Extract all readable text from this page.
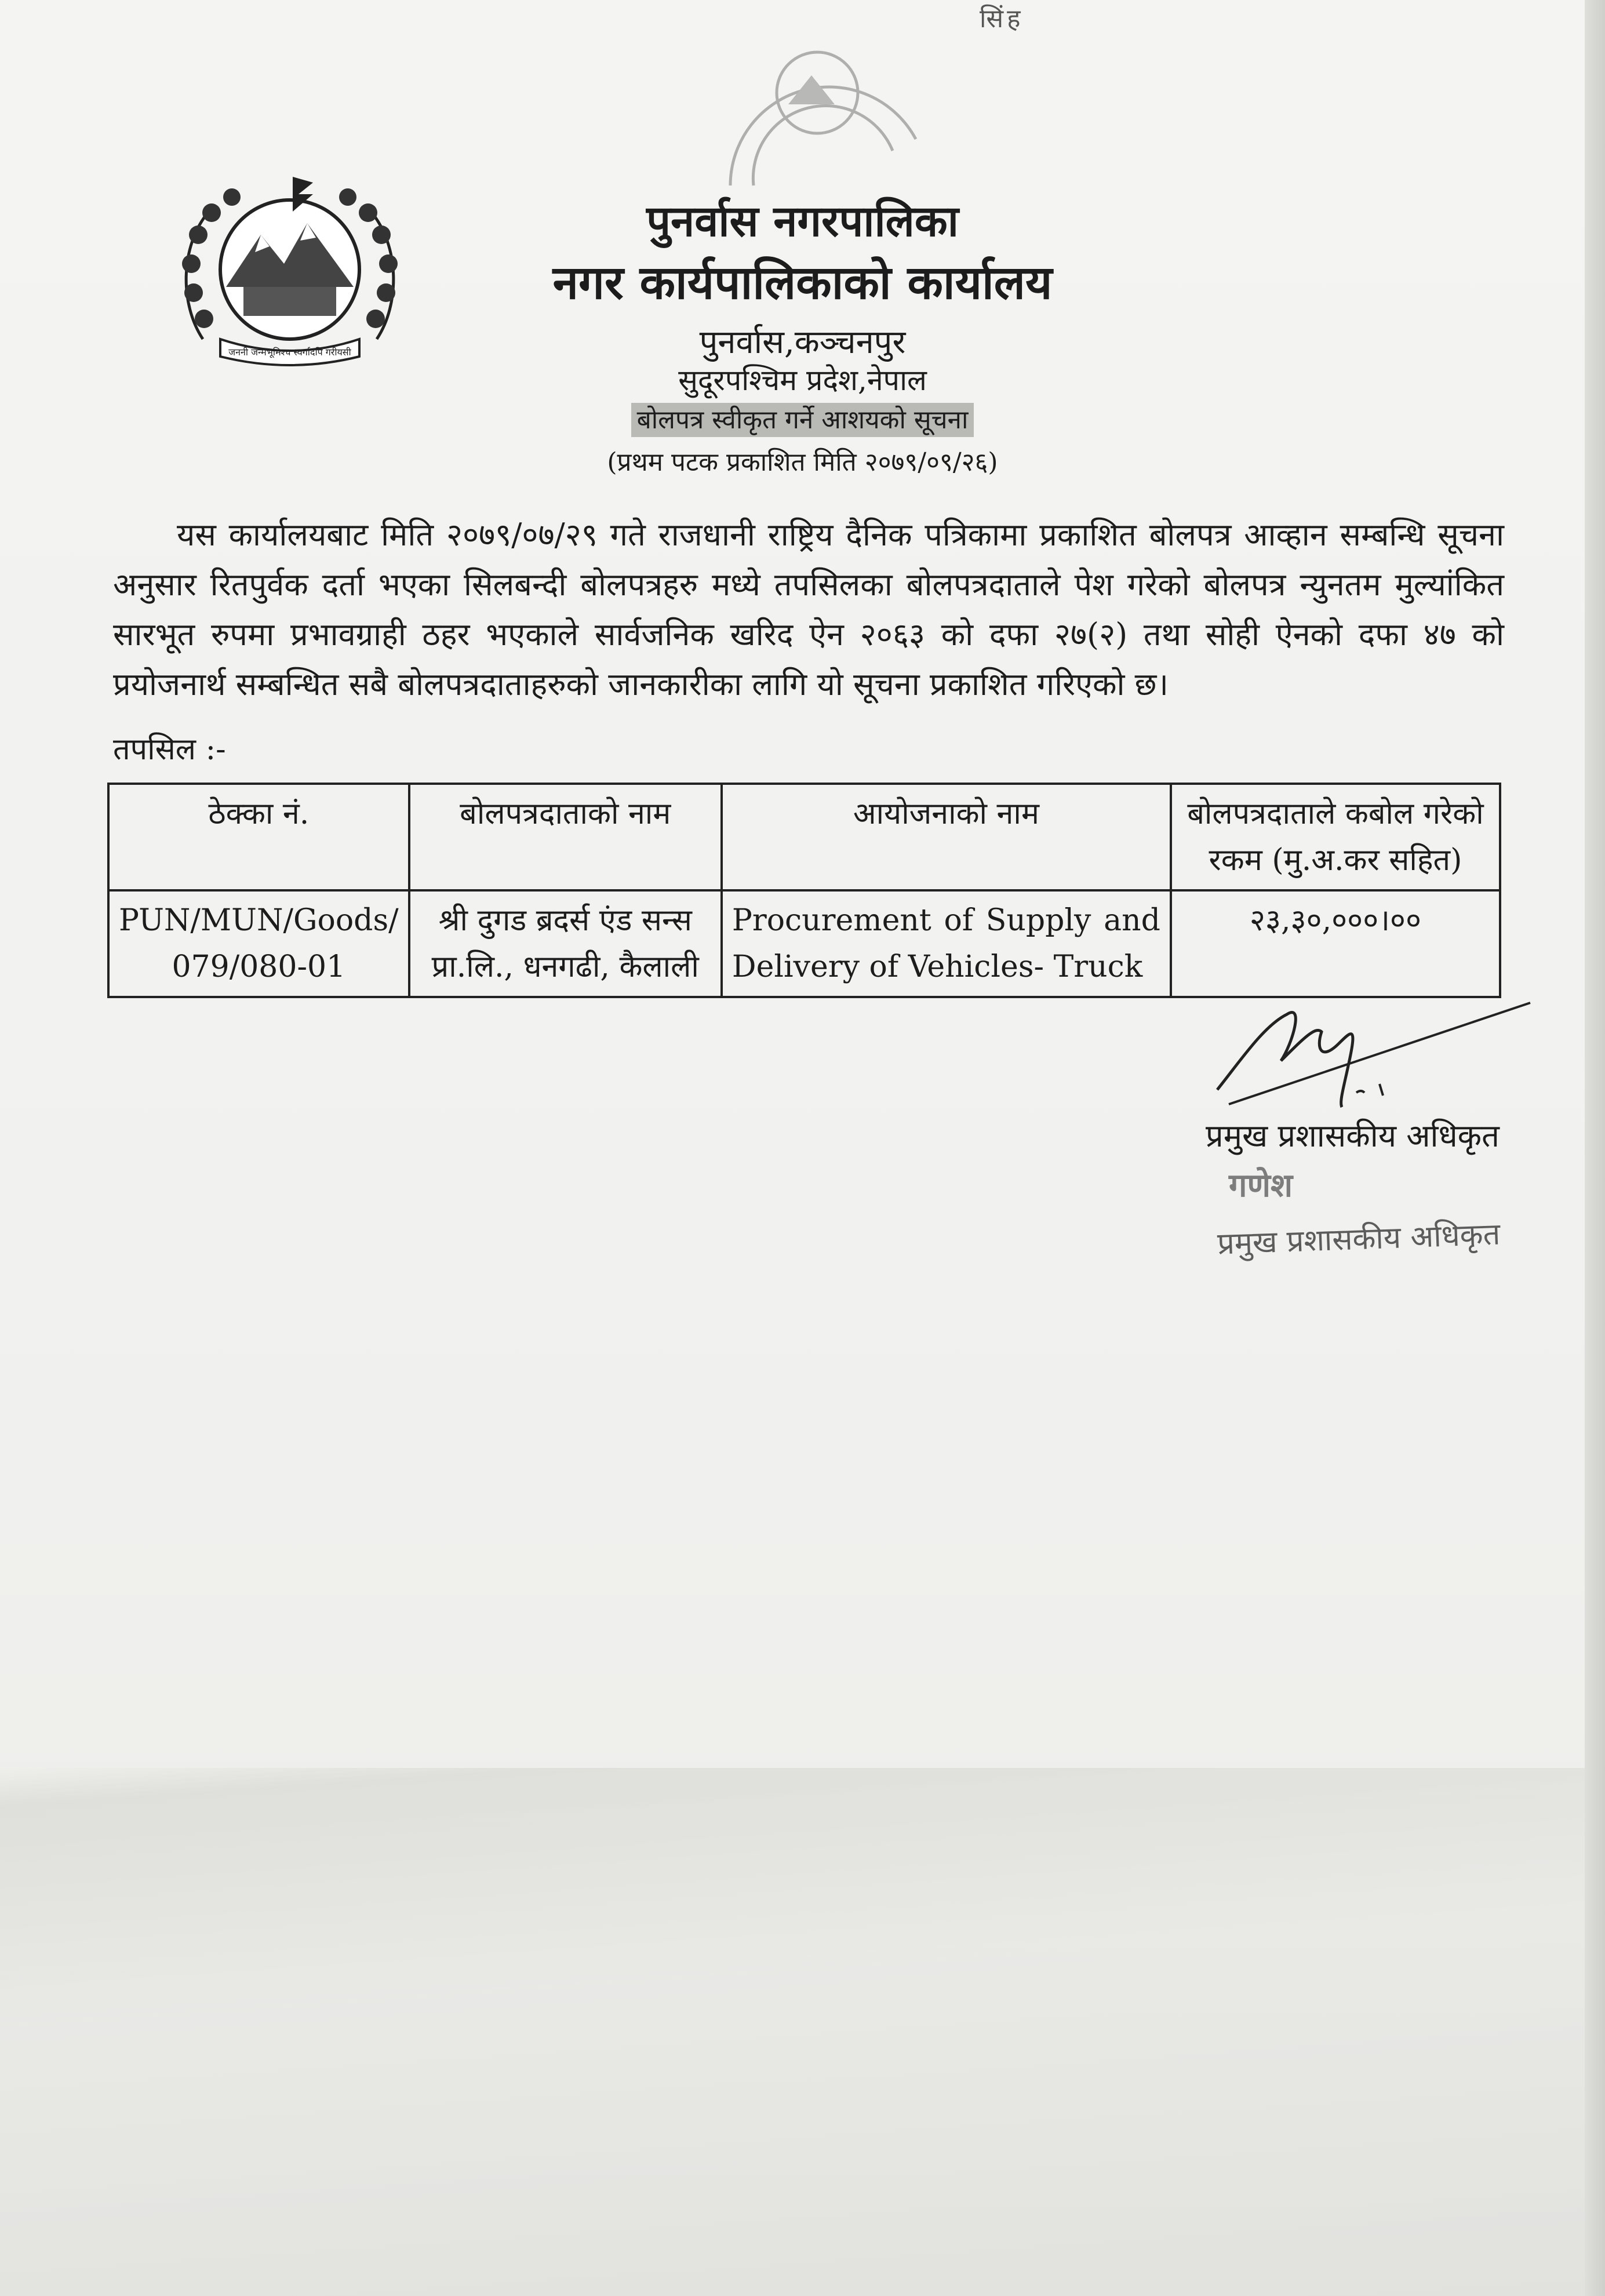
सिंह
जननी जन्मभूमिश्च स्वर्गादपि गरीयसी
पुनर्वास नगरपालिका
नगर कार्यपालिकाको कार्यालय
पुनर्वास,कञ्चनपुर
सुदूरपश्चिम प्रदेश,नेपाल
बोलपत्र स्वीकृत गर्ने आशयको सूचना
(प्रथम पटक प्रकाशित मिति २०७९/०९/२६)
यस कार्यालयबाट मिति २०७९/०७/२९ गते राजधानी राष्ट्रिय दैनिक पत्रिकामा प्रकाशित बोलपत्र आव्हान सम्बन्धि सूचना अनुसार रितपुर्वक दर्ता भएका सिलबन्दी बोलपत्रहरु मध्ये तपसिलका बोलपत्रदाताले पेश गरेको बोलपत्र न्युनतम मुल्यांकित सारभूत रुपमा प्रभावग्राही ठहर भएकाले सार्वजनिक खरिद ऐन २०६३ को दफा २७(२) तथा सोही ऐनको दफा ४७ को प्रयोजनार्थ सम्बन्धित सबै बोलपत्रदाताहरुको जानकारीका लागि यो सूचना प्रकाशित गरिएको छ।
तपसिल :-
ठेक्का नं.	बोलपत्रदाताको नाम	आयोजनाको नाम	बोलपत्रदाताले कबोल गरेको रकम (मु.अ.कर सहित)
PUN/MUN/Goods/ 079/080-01	श्री दुगड ब्रदर्स एंड सन्स प्रा.लि., धनगढी, कैलाली	Procurement of Supply and Delivery of Vehicles- Truck	२३,३०,०००।००
प्रमुख प्रशासकीय अधिकृत
गणेश
प्रमुख प्रशासकीय अधिकृत
